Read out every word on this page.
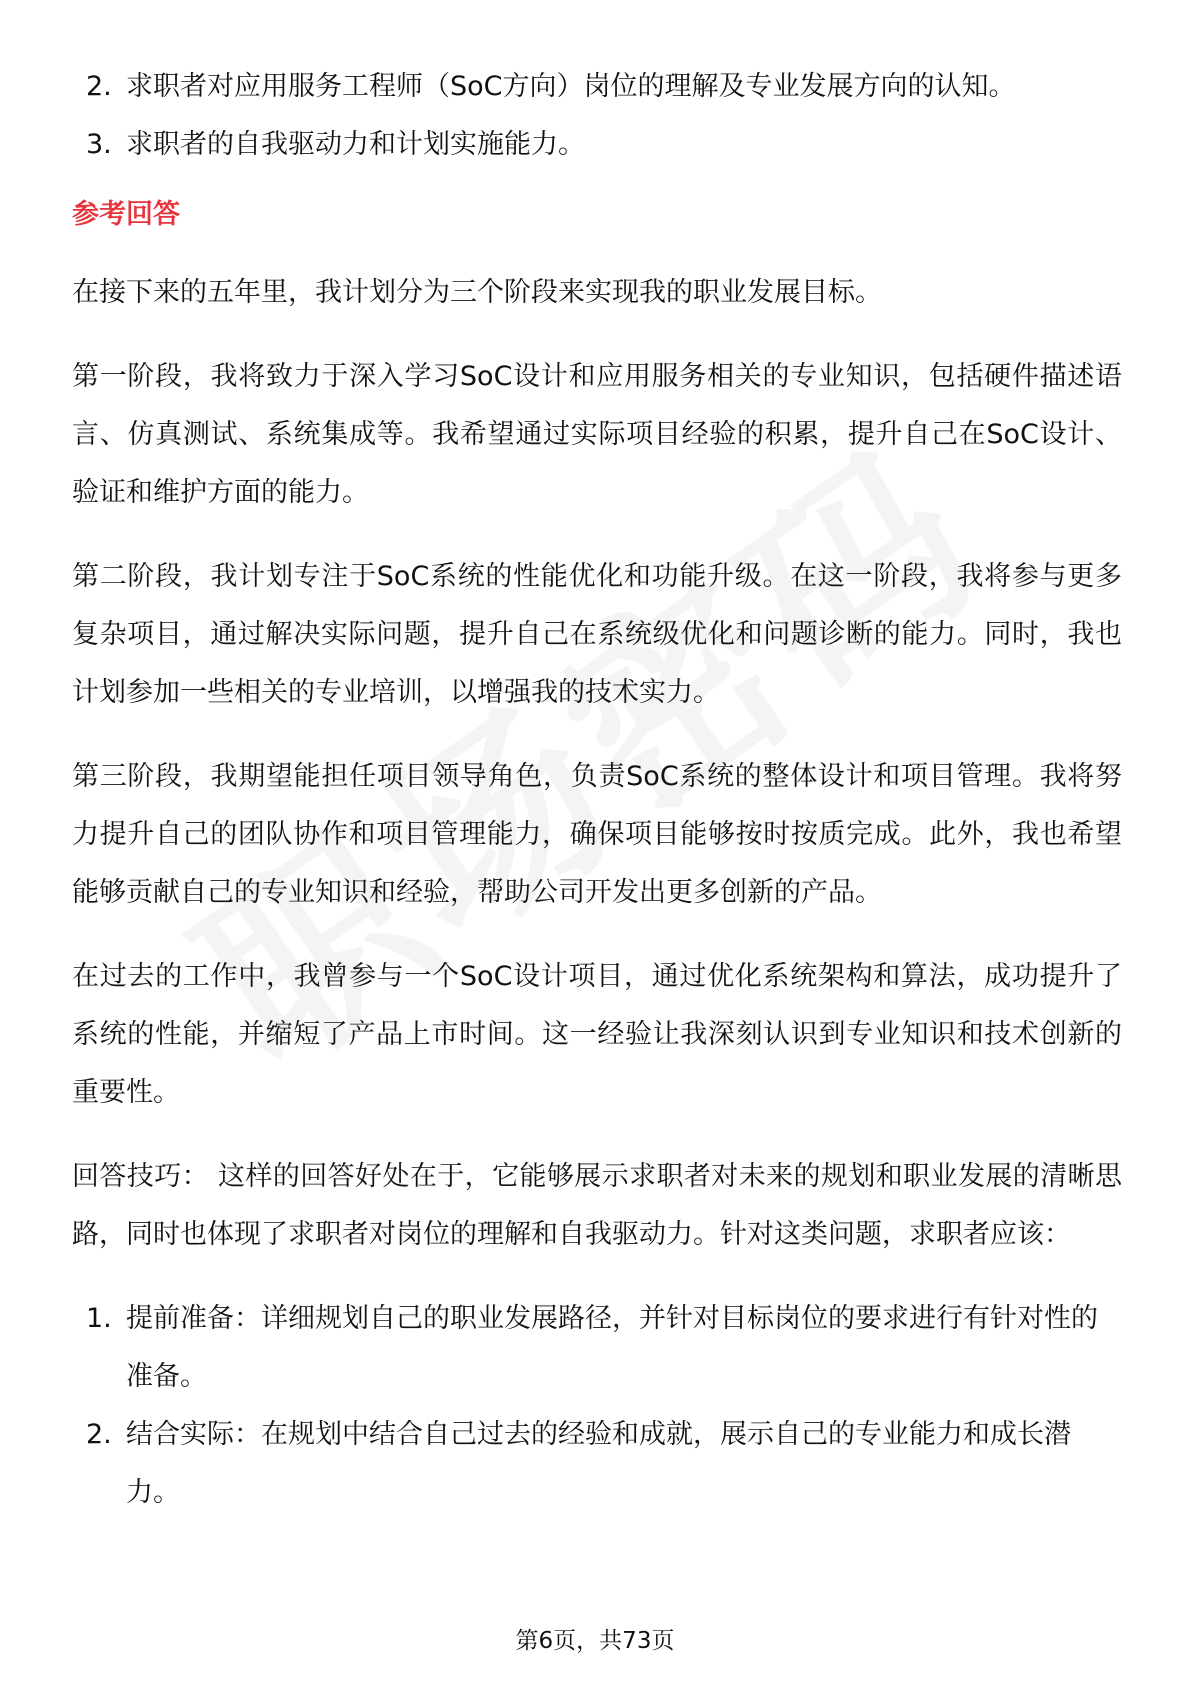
2. 求职者对应用服务工程师（SoC方向）岗位的理解及专业发展方向的认知。
3. 求职者的自我驱动力和计划实施能力。
参考回答

在接下来的五年里，我计划分为三个阶段来实现我的职业发展目标。

第一阶段，我将致力于深入学习SoC设计和应用服务相关的专业知识，包括硬件描述语言、仿真测试、系统集成等。我希望通过实际项目经验的积累，提升自己在SoC设计、验证和维护方面的能力。

第二阶段，我计划专注于SoC系统的性能优化和功能升级。在这一阶段，我将参与更多复杂项目，通过解决实际问题，提升自己在系统级优化和问题诊断的能力。同时，我也计划参加一些相关的专业培训，以增强我的技术实力。

第三阶段，我期望能担任项目领导角色，负责SoC系统的整体设计和项目管理。我将努力提升自己的团队协作和项目管理能力，确保项目能够按时按质完成。此外，我也希望能够贡献自己的专业知识和经验，帮助公司开发出更多创新的产品。

在过去的工作中，我曾参与一个SoC设计项目，通过优化系统架构和算法，成功提升了系统的性能，并缩短了产品上市时间。这一经验让我深刻认识到专业知识和技术创新的重要性。

回答技巧： 这样的回答好处在于，它能够展示求职者对未来的规划和职业发展的清晰思路，同时也体现了求职者对岗位的理解和自我驱动力。针对这类问题，求职者应该：

1. 提前准备：详细规划自己的职业发展路径，并针对目标岗位的要求进行有针对性的准备。
2. 结合实际：在规划中结合自己过去的经验和成就，展示自己的专业能力和成长潜力。
第6页，共73页
